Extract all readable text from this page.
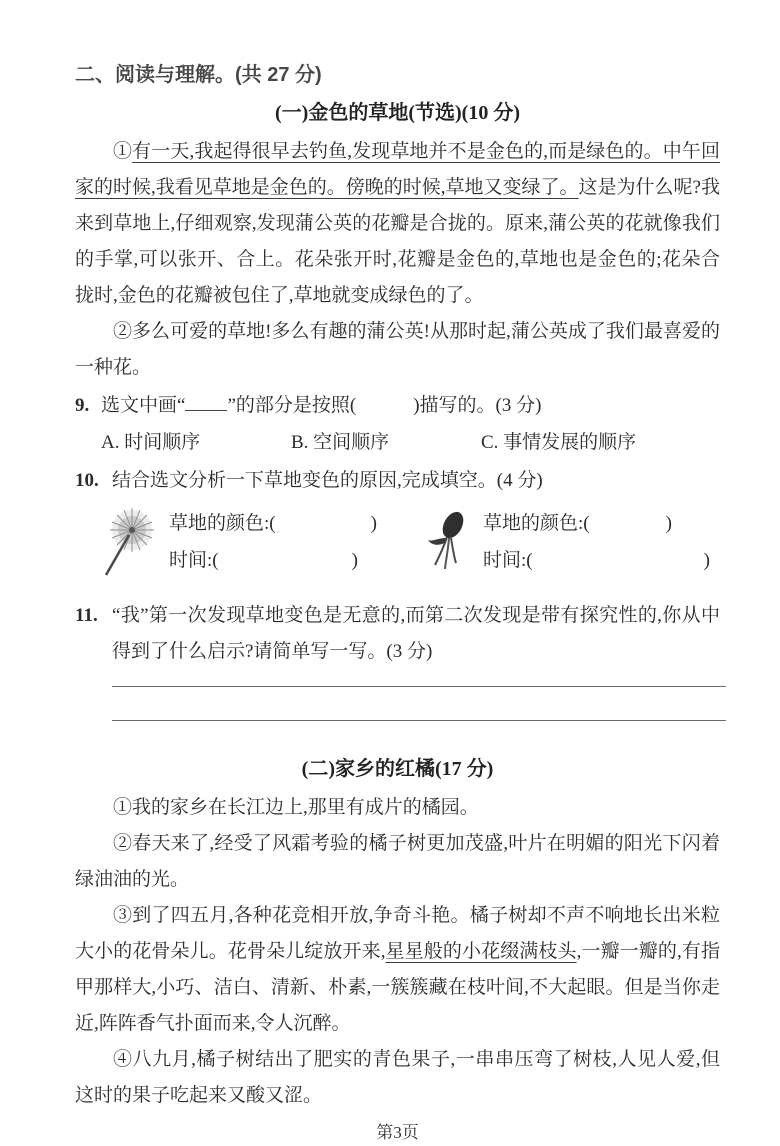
二、阅读与理解。(共 27 分)
(一)金色的草地(节选)(10 分)

①有一天,我起得很早去钓鱼,发现草地并不是金色的,而是绿色的。中午回家的时候,我看见草地是金色的。傍晚的时候,草地又变绿了。这是为什么呢?我来到草地上,仔细观察,发现蒲公英的花瓣是合拢的。原来,蒲公英的花就像我们的手掌,可以张开、合上。花朵张开时,花瓣是金色的,草地也是金色的;花朵合拢时,金色的花瓣被包住了,草地就变成绿色的了。

②多么可爱的草地!多么有趣的蒲公英!从那时起,蒲公英成了我们最喜爱的一种花。

9. 选文中画“ ”的部分是按照(　　　)描写的。(3 分)
A. 时间顺序	B. 空间顺序	C. 事情发展的顺序
10. 结合选文分析一下草地变色的原因,完成填空。(4 分)
草地的颜色:(　　　　　)
时间:(　　　　　　　)
草地的颜色:(　　　　)
时间:(　　　　　　　　　)
11. “我”第一次发现草地变色是无意的,而第二次发现是带有探究性的,你从中得到了什么启示?请简单写一写。(3 分)
(二)家乡的红橘(17 分)

①我的家乡在长江边上,那里有成片的橘园。

②春天来了,经受了风霜考验的橘子树更加茂盛,叶片在明媚的阳光下闪着绿油油的光。

③到了四五月,各种花竞相开放,争奇斗艳。橘子树却不声不响地长出米粒大小的花骨朵儿。花骨朵儿绽放开来,星星般的小花缀满枝头,一瓣一瓣的,有指甲那样大,小巧、洁白、清新、朴素,一簇簇藏在枝叶间,不大起眼。但是当你走近,阵阵香气扑面而来,令人沉醉。

④八九月,橘子树结出了肥实的青色果子,一串串压弯了树枝,人见人爱,但这时的果子吃起来又酸又涩。

第3页
